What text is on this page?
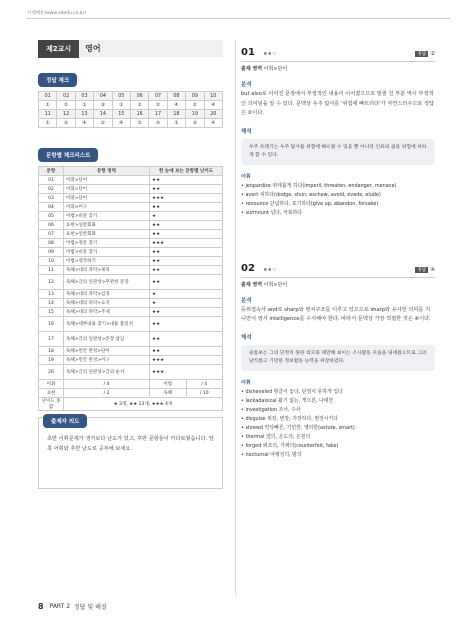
시대에듀(www.sdedu.co.kr)
제2교시	영어
정답 체크
01	02	03	04	05	06	07	08	09	10
①	②	①	③	①	②	②	④	②	④
11	12	13	14	15	16	17	18	19	20
①	③	④	②	④	②	③	①	③	④
문항별 체크리스트
문항	문항 영역	한 눈에 보는 문항별 난이도	
01	어휘>단어	★★	
02	어휘>단어	★★	
03	어휘>단어	★★★	
04	어휘>어구	★★	
05	어법>비문 찾기	★	
06	표현>일반회화	★★	
07	표현>일반회화	★★	
08	어법>정문 찾기	★★★	
09	어법>비문 찾기	★★	
10	어법>영작하기	★★	
11	독해>대의 파악>제목	★★	
12	독해>글의 일관성>무관한 문장	★★	
13	독해>대의 파악>심경	★	
14	독해>대의 파악>요지	★	
15	독해>대의 파악>주제	★★	
16	독해>세부내용 찾기>내용 불일치	★★	
17	독해>글의 일관성>문장 삽입	★★	
18	독해>빈칸 완성>단어	★★	
19	독해>빈칸 완성>어구	★★★	
20	독해>글의 일관성>글의 순서	★★★	
어휘	/ 4	어법	/ 4
표현	/ 2	독해	/ 10
난이도 종합	★ 3개, ★★ 13개, ★★★ 4개		
출제자 의도
초반 어휘문제가 생각보다 난도가 있고, 후반 문항들이 까다로웠습니다. 앞쪽 어휘와 후반 난도로 공부해 보세요.
01 ★★☆	정답 ②
출제 영역 어휘>단어
분석
but also로 이어진 문장에서 부정적인 내용이 이어졌으므로 밑줄 친 부분 역시 부정적인 의미임을 알 수 있다. 문맥상 우주 탐사를 '위험에 빠뜨리다'가 자연스러우므로 정답은 ②이다.
해석
우주 쓰레기는 우주 탐사를 위험에 빠뜨릴 수 있을 뿐 아니라 인류의 삶을 위험에 처하게 할 수 있다.
어휘
• jeopardize 위태롭게 하다(imperil, threaten, endanger, menace)
• avert 피하다(dodge, shun, eschew, avoid, evade, elude)
• renounce 단념하다, 포기하다(give up, abandon, forsake)
• surmount 넘다, 극복하다
02 ★★☆	정답 ④
출제 영역 어휘>단어
분석
등위접속사 and로 sharp와 병치구조를 이루고 있으므로 sharp와 유사한 의미를 지니면서 영사 intelligence를 수식해야 한다. 따라서 문맥상 가장 적절한 것은 ④이다.
해석
콜롬보는 그의 단정치 못한 외모와 태만해 보이는 조사활동 모습을 내세웠으므로 그의 날카롭고 기민한 정보활동 능력을 위장하였다.
어휘
• disheveled 헝클어 놓다, 단정치 못하게 입다
• lackadaisical 활기 없는, 게으른, 나태한
• investigation 조사, 수사
• disguise 위장, 변장; 가장하다, 변장시키다
• shrewd 약삭빠른, 기민한, 영리한(astute, smart)
• thermal 열의, 온도의; 온천의
• forged 위조의, 가짜의(counterfeit, fake)
• nocturnal 야행성의, 밤의
8 PART 2
정답 및 해설
